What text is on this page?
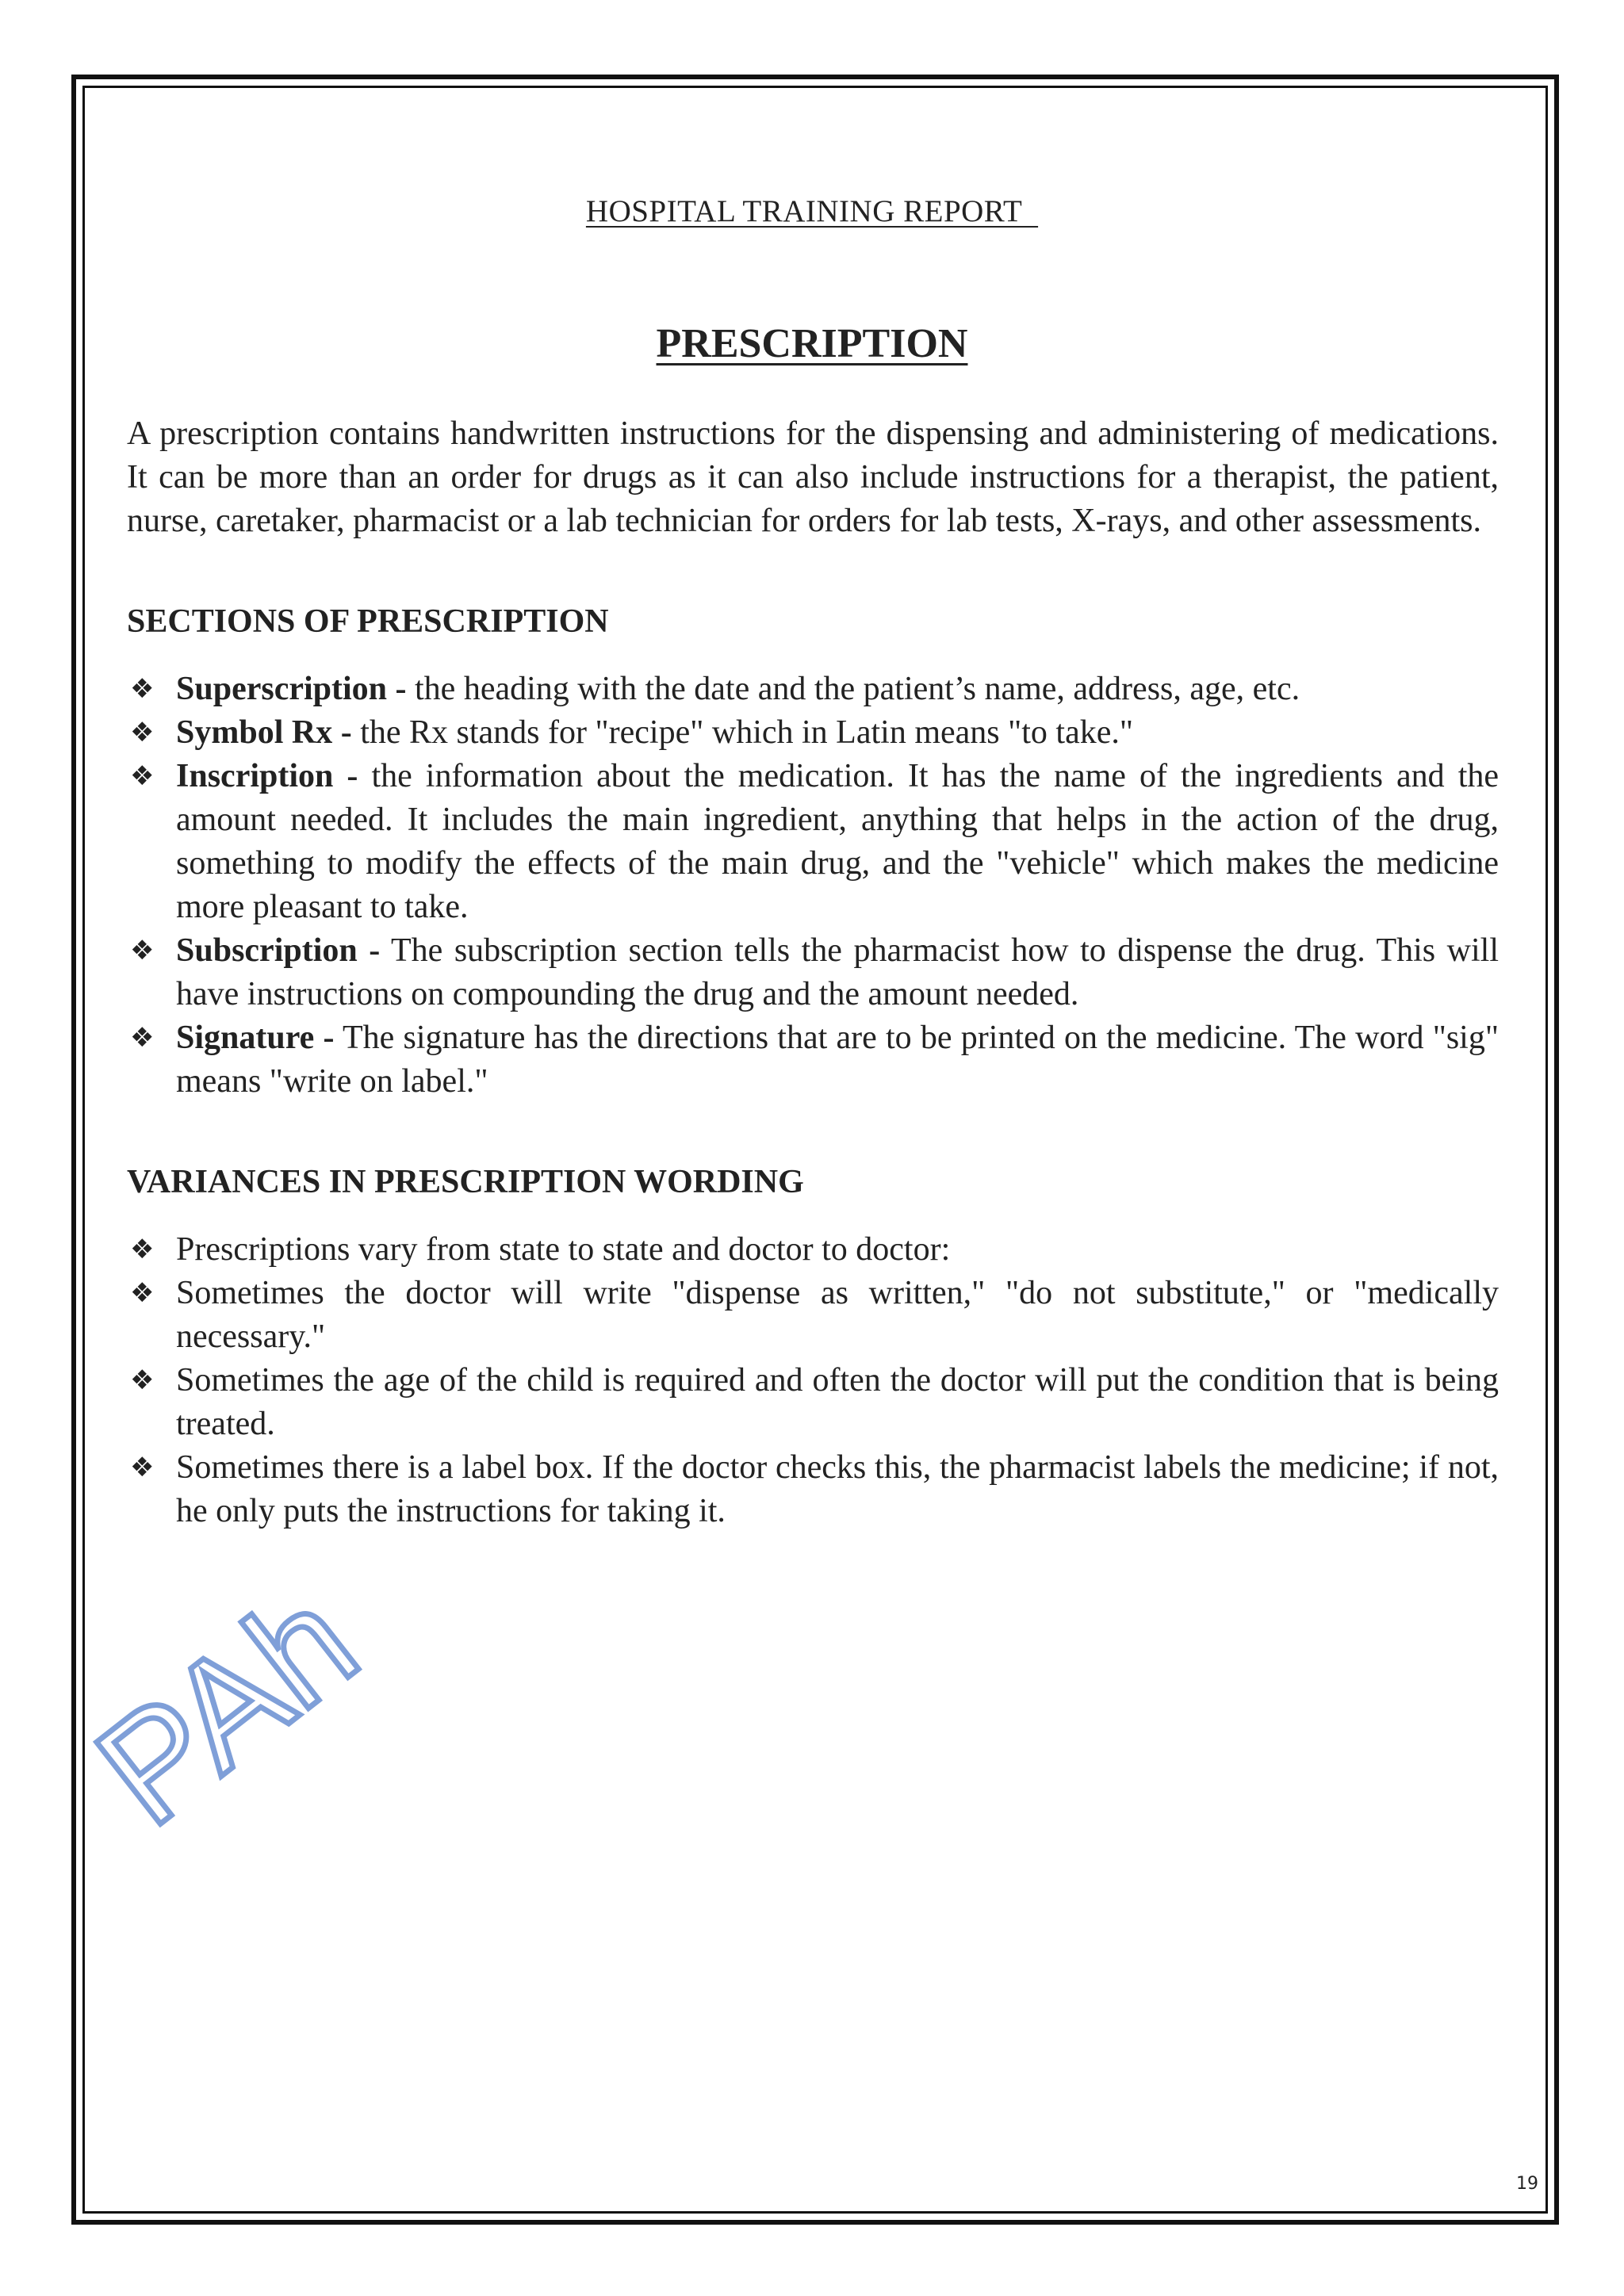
HOSPITAL TRAINING REPORT
PRESCRIPTION

A prescription contains handwritten instructions for the dispensing and administering of medications. It can be more than an order for drugs as it can also include instructions for a therapist, the patient, nurse, caretaker, pharmacist or a lab technician for orders for lab tests, X-rays, and other assessments.

SECTIONS OF PRESCRIPTION
❖ Superscription - the heading with the date and the patient’s name, address, age, etc.
❖ Symbol Rx - the Rx stands for "recipe" which in Latin means "to take."
❖ Inscription - the information about the medication. It has the name of the ingredients and the amount needed. It includes the main ingredient, anything that helps in the action of the drug, something to modify the effects of the main drug, and the "vehicle" which makes the medicine more pleasant to take.
❖ Subscription - The subscription section tells the pharmacist how to dispense the drug. This will have instructions on compounding the drug and the amount needed.
❖ Signature - The signature has the directions that are to be printed on the medicine. The word "sig" means "write on label."
VARIANCES IN PRESCRIPTION WORDING
❖ Prescriptions vary from state to state and doctor to doctor:
❖ Sometimes the doctor will write "dispense as written," "do not substitute," or "medically necessary."
❖ Sometimes the age of the child is required and often the doctor will put the condition that is being treated.
❖ Sometimes there is a label box. If the doctor checks this, the pharmacist labels the medicine; if not, he only puts the instructions for taking it.
PAh
19
